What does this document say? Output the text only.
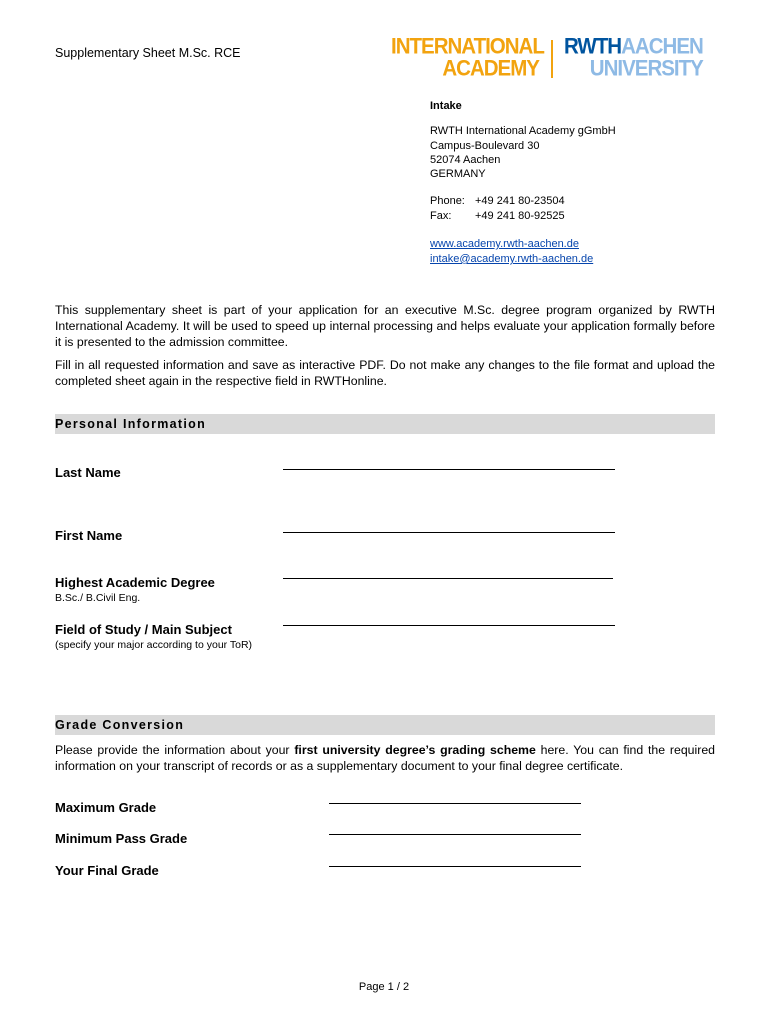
Supplementary Sheet M.Sc. RCE	INTERNATIONAL
ACADEMY
RWTHAACHEN
UNIVERSITY
Intake
RWTH International Academy gGmbH
Campus-Boulevard 30
52074 Aachen
GERMANY
Phone: +49 241 80-23504
Fax: +49 241 80-92525
www.academy.rwth-aachen.de
intake@academy.rwth-aachen.de
This supplementary sheet is part of your application for an executive M.Sc. degree program organized by RWTH International Academy. It will be used to speed up internal processing and helps evaluate your application formally before it is presented to the admission committee.
Fill in all requested information and save as interactive PDF. Do not make any changes to the file format and upload the completed sheet again in the respective field in RWTHonline.
Personal Information
Last Name
First Name
Highest Academic Degree
B.Sc./ B.Civil Eng.
Field of Study / Main Subject
(specify your major according to your ToR)
Grade Conversion
Please provide the information about your first university degree’s grading scheme here. You can find the required information on your transcript of records or as a supplementary document to your final degree certificate.
Maximum Grade
Minimum Pass Grade
Your Final Grade
Page 1 / 2
